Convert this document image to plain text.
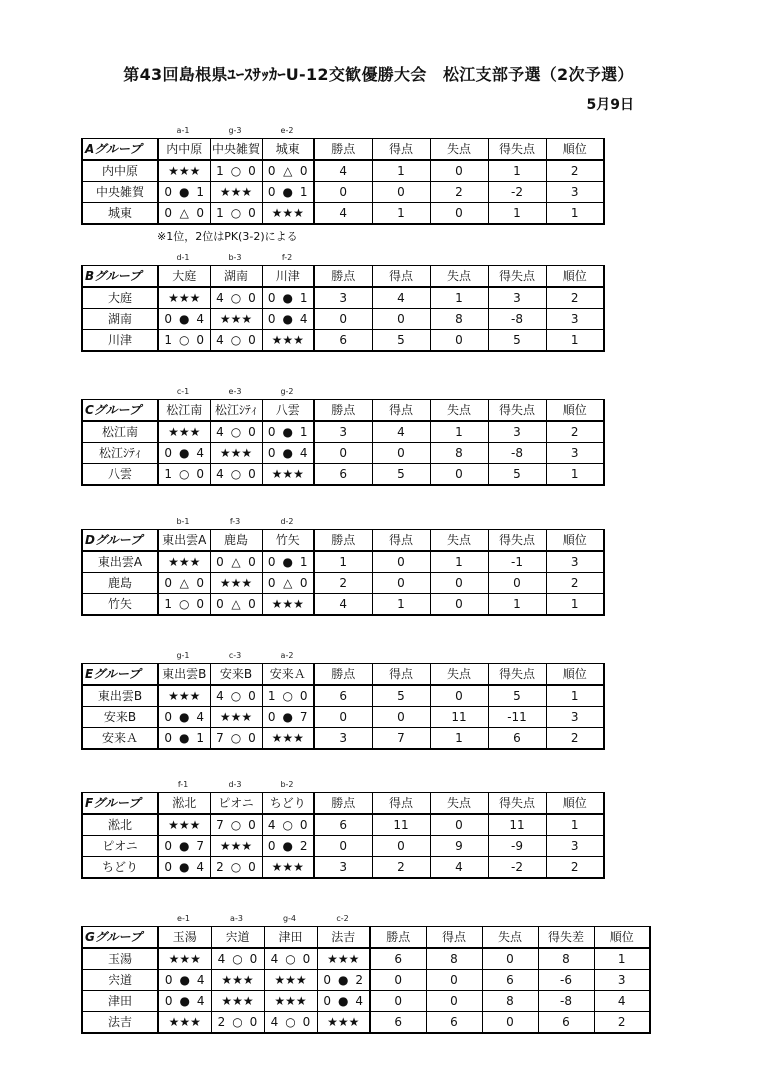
第43回島根県ﾕｰｽｻｯｶｰU-12交歓優勝大会　松江支部予選（2次予選）
5月9日
a-1	g-3	e-2
Aグループ	内中原	中央雑賀	城東	勝点	得点	失点	得失点	順位
内中原	★★★	1 ○ 0	0 △ 0	4	1	0	1	2
中央雑賀	0 ● 1	★★★	0 ● 1	0	0	2	-2	3
城東	0 △ 0	1 ○ 0	★★★	4	1	0	1	1
※1位，2位はPK(3-2)による
d-1	b-3	f-2
Bグループ	大庭	湖南	川津	勝点	得点	失点	得失点	順位
大庭	★★★	4 ○ 0	0 ● 1	3	4	1	3	2
湖南	0 ● 4	★★★	0 ● 4	0	0	8	-8	3
川津	1 ○ 0	4 ○ 0	★★★	6	5	0	5	1
c-1	e-3	g-2
Cグループ	松江南	松江ｼﾃｨ	八雲	勝点	得点	失点	得失点	順位
松江南	★★★	4 ○ 0	0 ● 1	3	4	1	3	2
松江ｼﾃｨ	0 ● 4	★★★	0 ● 4	0	0	8	-8	3
八雲	1 ○ 0	4 ○ 0	★★★	6	5	0	5	1
b-1	f-3	d-2
Dグループ	東出雲A	鹿島	竹矢	勝点	得点	失点	得失点	順位
東出雲A	★★★	0 △ 0	0 ● 1	1	0	1	-1	3
鹿島	0 △ 0	★★★	0 △ 0	2	0	0	0	2
竹矢	1 ○ 0	0 △ 0	★★★	4	1	0	1	1
g-1	c-3	a-2
Eグループ	東出雲B	安来B	安来Ａ	勝点	得点	失点	得失点	順位
東出雲B	★★★	4 ○ 0	1 ○ 0	6	5	0	5	1
安来B	0 ● 4	★★★	0 ● 7	0	0	11	-11	3
安来Ａ	0 ● 1	7 ○ 0	★★★	3	7	1	6	2
f-1	d-3	b-2
Fグループ	淞北	ピオニ	ちどり	勝点	得点	失点	得失点	順位
淞北	★★★	7 ○ 0	4 ○ 0	6	11	0	11	1
ピオニ	0 ● 7	★★★	0 ● 2	0	0	9	-9	3
ちどり	0 ● 4	2 ○ 0	★★★	3	2	4	-2	2
e-1	a-3	g-4	c-2
Gグループ	玉湯	宍道	津田	法吉	勝点	得点	失点	得失差	順位
玉湯	★★★	4 ○ 0	4 ○ 0	★★★	6	8	0	8	1
宍道	0 ● 4	★★★	★★★	0 ● 2	0	0	6	-6	3
津田	0 ● 4	★★★	★★★	0 ● 4	0	0	8	-8	4
法吉	★★★	2 ○ 0	4 ○ 0	★★★	6	6	0	6	2
